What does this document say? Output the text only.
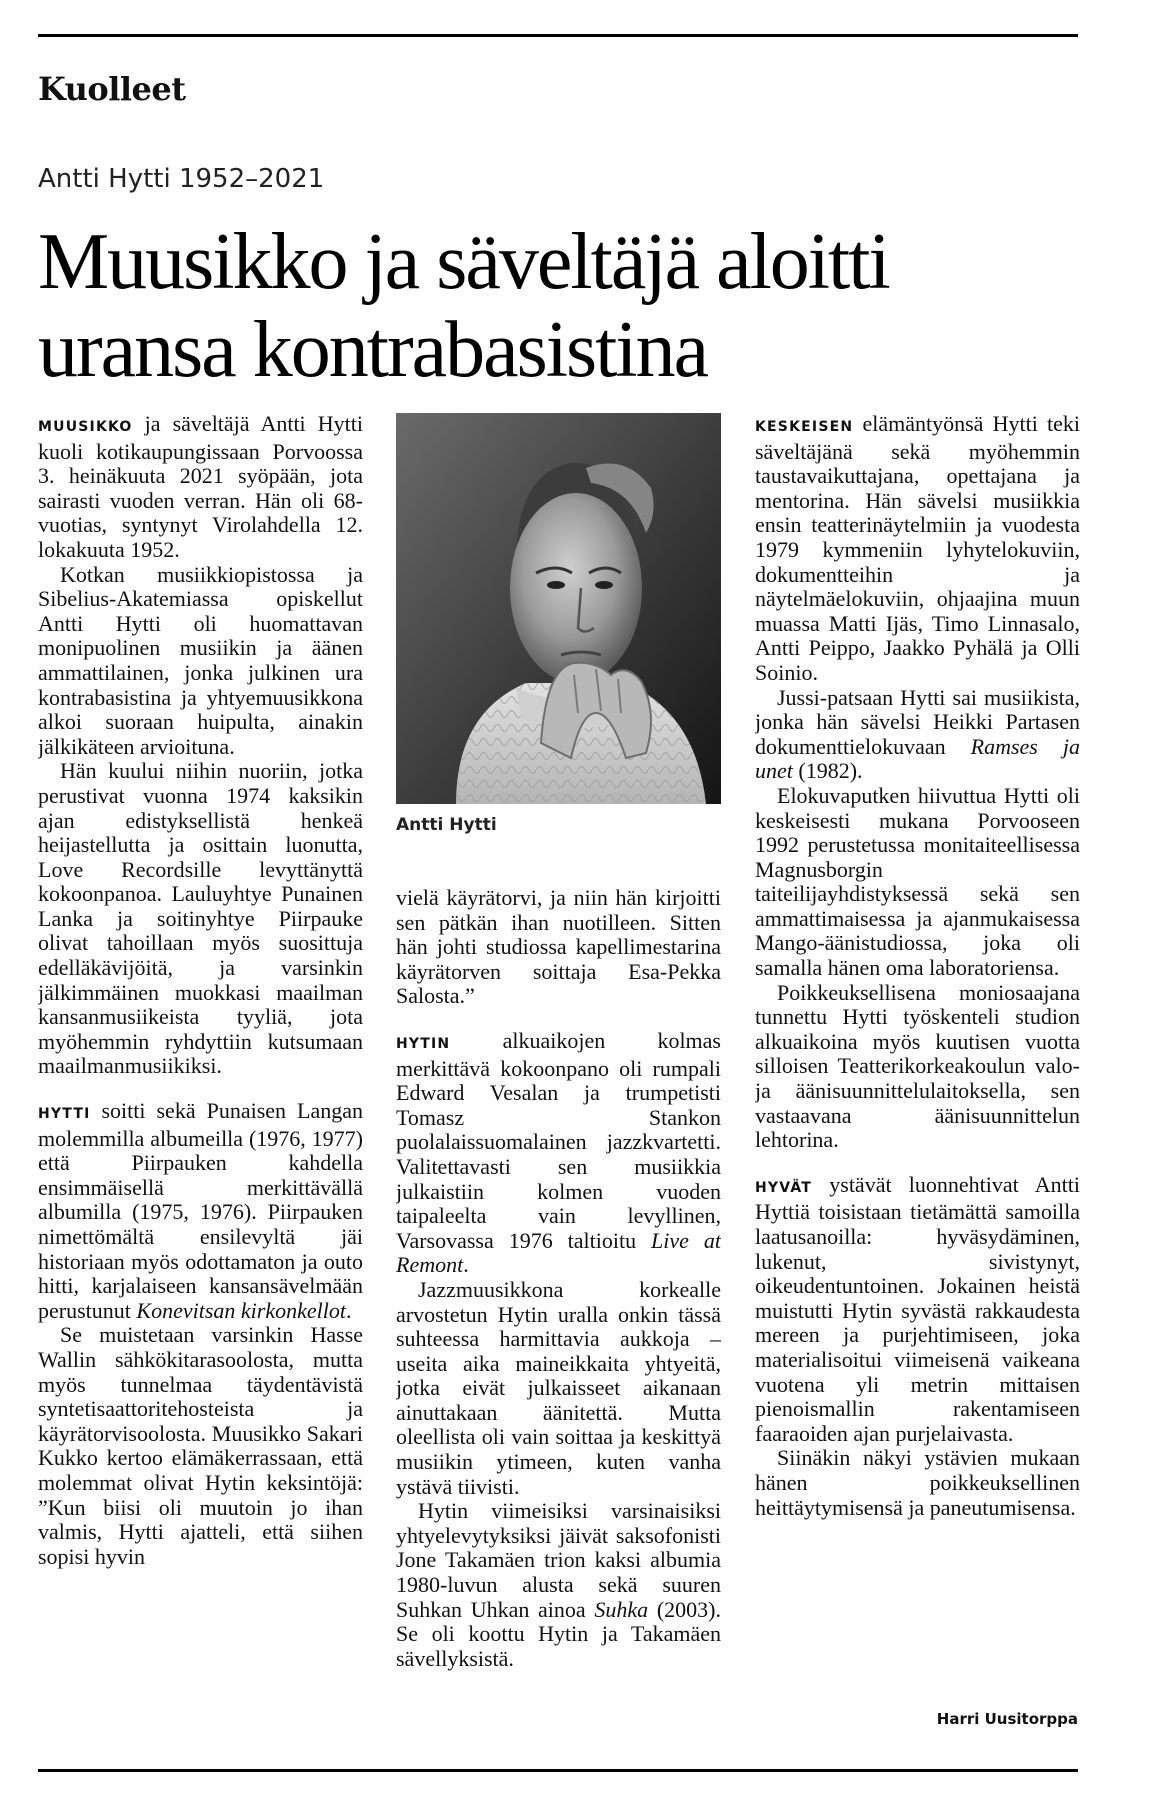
Kuolleet
Antti Hytti 1952–2021
Muusikko ja säveltäjä aloitti uransa kontrabasistina

MUUSIKKO ja säveltäjä Antti Hytti kuoli kotikaupungissaan Porvoossa 3. heinäkuuta 2021 syöpään, jota sairasti vuoden verran. Hän oli 68-vuotias, syntynyt Virolahdella 12. lokakuuta 1952.

Kotkan musiikkiopistossa ja Sibelius-Akatemiassa opiskellut Antti Hytti oli huomattavan monipuolinen musiikin ja äänen ammattilainen, jonka julkinen ura kontrabasistina ja yhtyemuusikkona alkoi suoraan huipulta, ainakin jälkikäteen arvioituna.

Hän kuului niihin nuoriin, jotka perustivat vuonna 1974 kaksikin ajan edistyksellistä henkeä heijastellutta ja osittain luonutta, Love Recordsille levyttänyttä kokoonpanoa. Lauluyhtye Punainen Lanka ja soitinyhtye Piirpauke olivat tahoillaan myös suosittuja edelläkävijöitä, ja varsinkin jälkimmäinen muokkasi maailman kansanmusiikeista tyyliä, jota myöhemmin ryhdyttiin kutsumaan maailmanmusiikiksi.

HYTTI soitti sekä Punaisen Langan molemmilla albumeilla (1976, 1977) että Piirpauken kahdella ensimmäisellä merkittävällä albumilla (1975, 1976). Piirpauken nimettömältä ensilevyltä jäi historiaan myös odottamaton ja outo hitti, karjalaiseen kansansävelmään perustunut Konevitsan kirkonkellot.

Se muistetaan varsinkin Hasse Wallin sähkökitarasoolosta, mutta myös tunnelmaa täydentävistä syntetisaattoritehosteista ja käyrätorvisoolosta. Muusikko Sakari Kukko kertoo elämäkerrassaan, että molemmat olivat Hytin keksintöjä: ”Kun biisi oli muutoin jo ihan valmis, Hytti ajatteli, että siihen sopisi hyvin

Antti Hytti

vielä käyrätorvi, ja niin hän kirjoitti sen pätkän ihan nuotilleen. Sitten hän johti studiossa kapellimestarina käyrätorven soittaja Esa-Pekka Salosta.”

HYTIN alkuaikojen kolmas merkittävä kokoonpano oli rumpali Edward Vesalan ja trumpetisti Tomasz Stankon puolalaissuomalainen jazzkvartetti. Valitettavasti sen musiikkia julkaistiin kolmen vuoden taipaleelta vain levyllinen, Varsovassa 1976 taltioitu Live at Remont.

Jazzmuusikkona korkealle arvostetun Hytin uralla onkin tässä suhteessa harmittavia aukkoja – useita aika maineikkaita yhtyeitä, jotka eivät julkaisseet aikanaan ainuttakaan äänitettä. Mutta oleellista oli vain soittaa ja keskittyä musiikin ytimeen, kuten vanha ystävä tiivisti.

Hytin viimeisiksi varsinaisiksi yhtyelevytyksiksi jäivät saksofonisti Jone Takamäen trion kaksi albumia 1980-luvun alusta sekä suuren Suhkan Uhkan ainoa Suhka (2003). Se oli koottu Hytin ja Takamäen sävellyksistä.

KESKEISEN elämäntyönsä Hytti teki säveltäjänä sekä myöhemmin taustavaikuttajana, opettajana ja mentorina. Hän sävelsi musiikkia ensin teatterinäytelmiin ja vuodesta 1979 kymmeniin lyhytelokuviin, dokumentteihin ja näytelmäelokuviin, ohjaajina muun muassa Matti Ijäs, Timo Linnasalo, Antti Peippo, Jaakko Pyhälä ja Olli Soinio.

Jussi-patsaan Hytti sai musiikista, jonka hän sävelsi Heikki Partasen dokumenttielokuvaan Ramses ja unet (1982).

Elokuvaputken hiivuttua Hytti oli keskeisesti mukana Porvooseen 1992 perustetussa monitaiteellisessa Magnusborgin taiteilijayhdistyksessä sekä sen ammattimaisessa ja ajanmukaisessa Mango-äänistudiossa, joka oli samalla hänen oma laboratoriensa.

Poikkeuksellisena moniosaajana tunnettu Hytti työskenteli studion alkuaikoina myös kuutisen vuotta silloisen Teatterikorkeakoulun valo- ja äänisuunnittelulaitoksella, sen vastaavana äänisuunnittelun lehtorina.

HYVÄT ystävät luonnehtivat Antti Hyttiä toisistaan tietämättä samoilla laatusanoilla: hyväsydäminen, lukenut, sivistynyt, oikeudentuntoinen. Jokainen heistä muistutti Hytin syvästä rakkaudesta mereen ja purjehtimiseen, joka materialisoitui viimeisenä vaikeana vuotena yli metrin mittaisen pienoismallin rakentamiseen faaraoiden ajan purjelaivasta.

Siinäkin näkyi ystävien mukaan hänen poikkeuksellinen heittäytymisensä ja paneutumisensa.

Harri Uusitorppa
